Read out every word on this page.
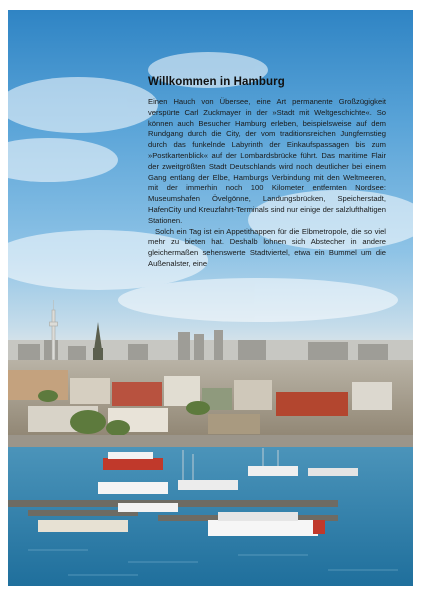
Willkommen in Hamburg

Einen Hauch von Übersee, eine Art permanente Großzügigkeit verspürte Carl Zuckmayer in der »Stadt mit Weltgeschichte«. So können auch Besucher Hamburg erleben, beispielsweise auf dem Rundgang durch die City, der vom traditionsreichen Jungfernstieg durch das funkelnde Labyrinth der Einkaufspassagen bis zum »Postkartenblick« auf der Lombardsbrücke führt. Das maritime Flair der zweitgrößten Stadt Deutschlands wird noch deutlicher bei einem Gang entlang der Elbe, Hamburgs Verbindung mit den Weltmeeren, mit der immerhin noch 100 Kilometer entfernten Nordsee: Museumshafen Övelgönne, Landungsbrücken, Speicherstadt, HafenCity und Kreuzfahrt-Terminals sind nur einige der salzlufthaltigen Stationen.

Solch ein Tag ist ein Appetithappen für die Elbmetropole, die so viel mehr zu bieten hat. Deshalb lohnen sich Abstecher in andere gleichermaßen sehenswerte Stadtviertel, etwa ein Bummel um die Außenalster, eine
